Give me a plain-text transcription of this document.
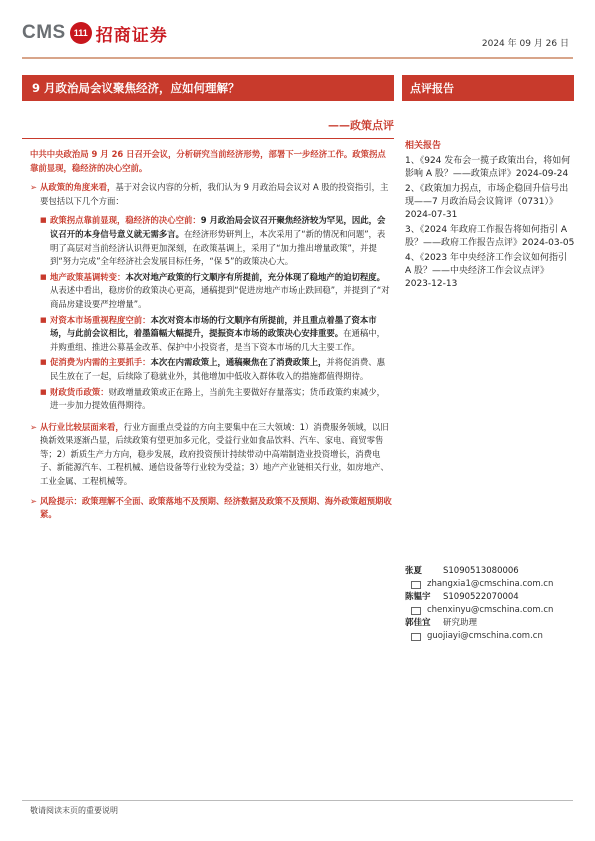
CMS 111 招商证券	2024 年 09 月 26 日
9 月政治局会议聚焦经济，应如何理解？
——政策点评
点评报告
相关报告
1、《924 发布会一揽子政策出台，将如何影响 A 股？——政策点评》2024-09-24
2、《政策加力拐点，市场企稳回升信号出现——7 月政治局会议简评（0731）》2024-07-31
3、《2024 年政府工作报告将如何指引 A 股？——政府工作报告点评》2024-03-05
4、《2023 年中央经济工作会议如何指引 A 股？——中央经济工作会议点评》2023-12-13
中共中央政治局 9 月 26 日召开会议，分析研究当前经济形势，部署下一步经济工作。政策拐点靠前显现，稳经济的决心空前。
➢ 从政策的角度来看，基于对会议内容的分析，我们认为 9 月政治局会议对 A 股的投资指引，主要包括以下几个方面：
■ 政策拐点靠前显现，稳经济的决心空前：9 月政治局会议召开聚焦经济较为罕见，因此，会议召开的本身信号意义就无需多言。在经济形势研判上，本次采用了“新的情况和问题”，表明了高层对当前经济认识得更加深刻，在政策基调上，采用了“加力推出增量政策”，并提到“努力完成”全年经济社会发展目标任务，“保 5”的政策决心大。
■ 地产政策基调转变：本次对地产政策的行文顺序有所提前，充分体现了稳地产的迫切程度。从表述中看出，稳房价的政策决心更高，通稿提到“促进房地产市场止跌回稳”，并提到了“对商品房建设要严控增量”。
■ 对资本市场重视程度空前：本次对资本市场的行文顺序有所提前，并且重点着墨了资本市场，与此前会议相比，着墨篇幅大幅提升，提振资本市场的政策决心安排重要。在通稿中，并购重组、推进公募基金改革、保护中小投资者，是当下资本市场的几大主要工作。
■ 促消费为内需的主要抓手：本次在内需政策上，通稿聚焦在了消费政策上，并将促消费、惠民生放在了一起，后续除了稳就业外，其他增加中低收入群体收入的措施都值得期待。
■ 财政货币政策：财政增量政策或正在路上，当前先主要做好存量落实；货币政策约束减少，进一步加力提效值得期待。
➢ 从行业比较层面来看，行业方面重点受益的方向主要集中在三大领域：1）消费服务领域，以旧换新效果逐渐凸显，后续政策有望更加多元化，受益行业如食品饮料、汽车、家电、商贸零售等；2）新质生产力方向，稳步发展，政府投资预计持续带动中高端制造业投资增长，消费电子、新能源汽车、工程机械、通信设备等行业较为受益；3）地产产业链相关行业，如房地产、工业金属、工程机械等。
➢ 风险提示：政策理解不全面、政策落地不及预期、经济数据及政策不及预期、海外政策超预期收紧。
张夏	S1090513080006
zhangxia1@cmschina.com.cn
陈韫宇	S1090522070004
chenxinyu@cmschina.com.cn
郭佳宜	研究助理
guojiayi@cmschina.com.cn
敬请阅读末页的重要说明
